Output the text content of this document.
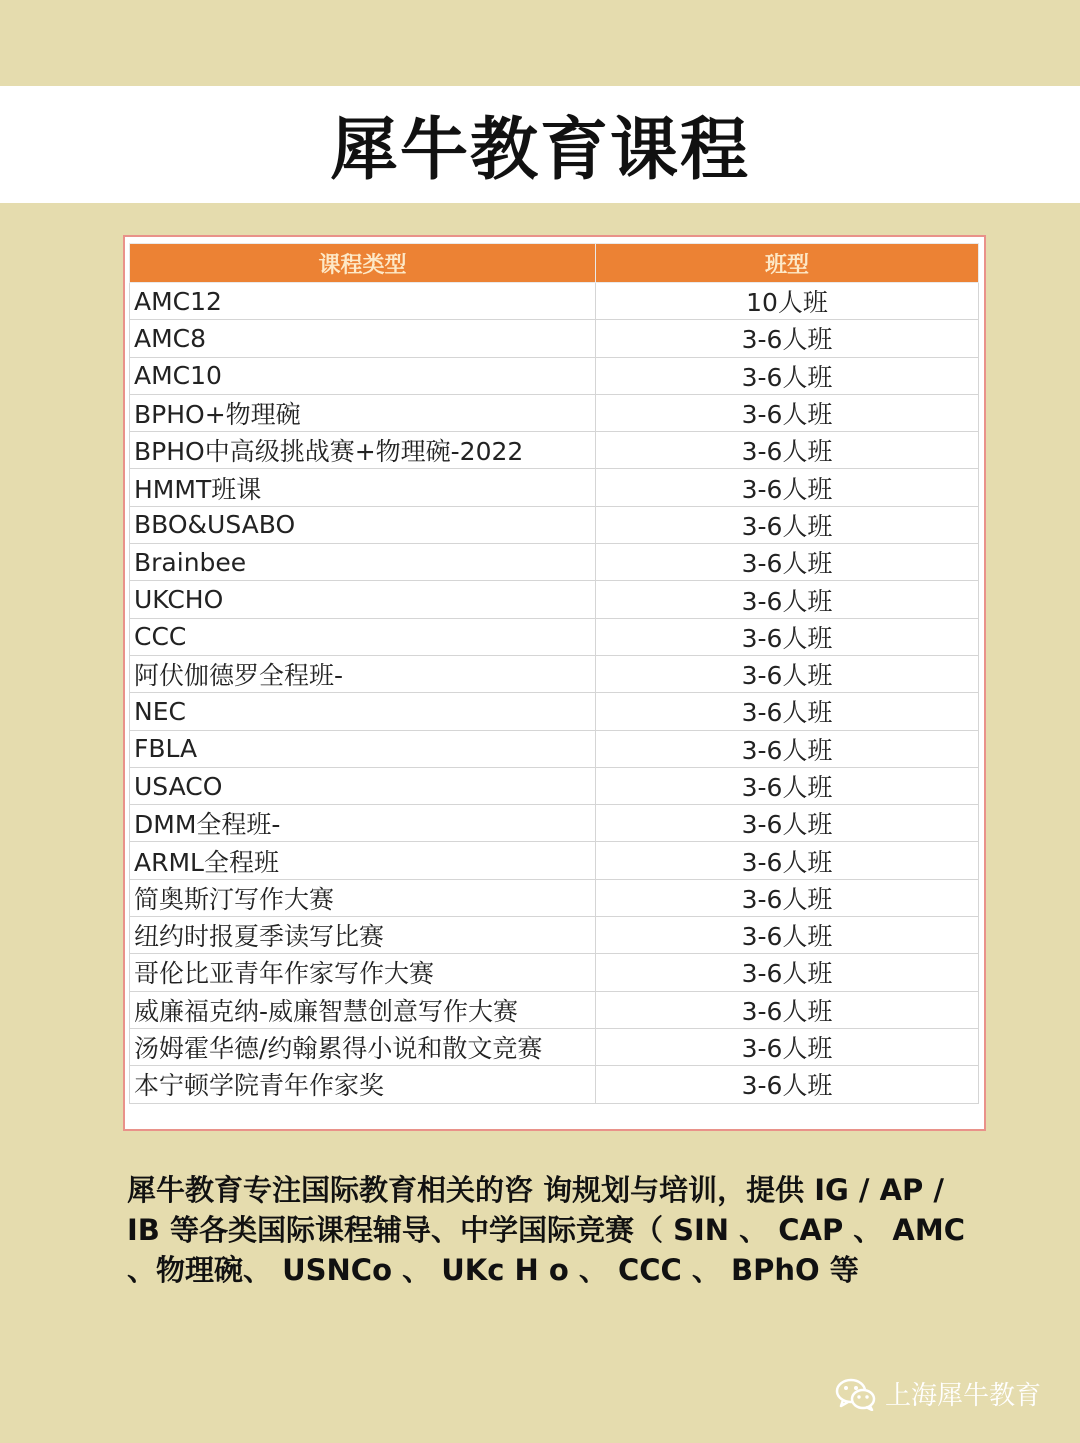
犀牛教育课程
课程类型	班型
AMC12	10人班
AMC8	3-6人班
AMC10	3-6人班
BPHO+物理碗	3-6人班
BPHO中高级挑战赛+物理碗-2022	3-6人班
HMMT班课	3-6人班
BBO&USABO	3-6人班
Brainbee	3-6人班
UKCHO	3-6人班
CCC	3-6人班
阿伏伽德罗全程班-	3-6人班
NEC	3-6人班
FBLA	3-6人班
USACO	3-6人班
DMM全程班-	3-6人班
ARML全程班	3-6人班
简奥斯汀写作大赛	3-6人班
纽约时报夏季读写比赛	3-6人班
哥伦比亚青年作家写作大赛	3-6人班
威廉福克纳-威廉智慧创意写作大赛	3-6人班
汤姆霍华德/约翰累得小说和散文竞赛	3-6人班
本宁顿学院青年作家奖	3-6人班

犀牛教育专注国际教育相关的咨 询规划与培训，提供 IG / AP /

IB 等各类国际课程辅导、中学国际竞赛（ SIN 、 CAP 、 AMC

、物理碗、 USNCo 、 UKc H o 、 CCC 、 BPhO 等

上海犀牛教育
